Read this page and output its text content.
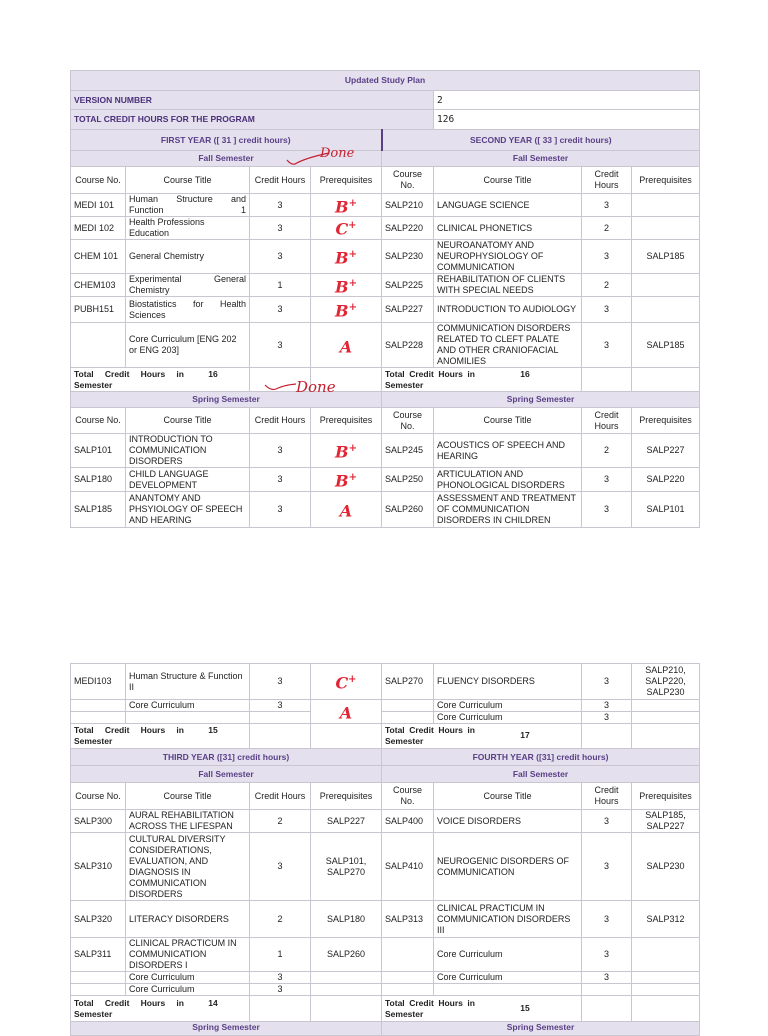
Updated Study Plan							
VERSION NUMBER					2		
TOTAL CREDIT HOURS FOR THE PROGRAM					126		
FIRST YEAR ([ 31 ] credit hours)				SECOND YEAR ([ 33 ] credit hours)			
Fall Semester				Fall Semester			
Course No.	Course Title	Credit Hours	Prerequisites	Course No.	Course Title	Credit Hours	Prerequisites
MEDI 101	Human Structure and Function 1	3	B+	SALP210	LANGUAGE SCIENCE	3	
MEDI 102	Health Professions Education	3	C+	SALP220	CLINICAL PHONETICS	2	
CHEM 101	General Chemistry	3	B+	SALP230	NEUROANATOMY AND NEUROPHYSIOLOGY OF COMMUNICATION	3	SALP185
CHEM103	Experimental General Chemistry	1	B+	SALP225	REHABILITATION OF CLIENTS WITH SPECIAL NEEDS	2	
PUBH151	Biostatistics for Health Sciences	3	B+	SALP227	INTRODUCTION TO AUDIOLOGY	3	
	Core Curriculum [ENG 202 or ENG 203]	3	A	SALP228	COMMUNICATION DISORDERS RELATED TO CLEFT PALATE AND OTHER CRANIOFACIAL ANOMILIES	3	SALP185
Total Credit Hours in Semester16				Total Credit Hours in Semester16			
Spring Semester				Spring Semester			
Course No.	Course Title	Credit Hours	Prerequisites	Course No.	Course Title	Credit Hours	Prerequisites
SALP101	INTRODUCTION TO COMMUNICATION DISORDERS	3	B+	SALP245	ACOUSTICS OF SPEECH AND HEARING	2	SALP227
SALP180	CHILD LANGUAGE DEVELOPMENT	3	B+	SALP250	ARTICULATION AND PHONOLOGICAL DISORDERS	3	SALP220
SALP185	ANANTOMY AND PHSYIOLOGY OF SPEECH AND HEARING	3	A	SALP260	ASSESSMENT AND TREATMENT OF COMMUNICATION DISORDERS IN CHILDREN	3	SALP101
Done
Done
MEDI103	Human Structure & Function II	3	C+	SALP270	FLUENCY DISORDERS	3	SALP210, SALP220, SALP230
	Core Curriculum	3	A		Core Curriculum	3	
					Core Curriculum	3	
Total Credit Hours in Semester15				Total Credit Hours in Semester17			
THIRD YEAR ([31] credit hours)				FOURTH YEAR ([31] credit hours)			
Fall Semester				Fall Semester			
Course No.	Course Title	Credit Hours	Prerequisites	Course No.	Course Title	Credit Hours	Prerequisites
SALP300	AURAL REHABILITATION ACROSS THE LIFESPAN	2	SALP227	SALP400	VOICE DISORDERS	3	SALP185, SALP227
SALP310	CULTURAL DIVERSITY CONSIDERATIONS, EVALUATION, AND DIAGNOSIS IN COMMUNICATION DISORDERS	3	SALP101, SALP270	SALP410	NEUROGENIC DISORDERS OF COMMUNICATION	3	SALP230
SALP320	LITERACY DISORDERS	2	SALP180	SALP313	CLINICAL PRACTICUM IN COMMUNICATION DISORDERS III	3	SALP312
SALP311	CLINICAL PRACTICUM IN COMMUNICATION DISORDERS I	1	SALP260		Core Curriculum	3	
	Core Curriculum	3			Core Curriculum	3	
	Core Curriculum	3					
Total Credit Hours in Semester14				Total Credit Hours in Semester15			
Spring Semester				Spring Semester			
